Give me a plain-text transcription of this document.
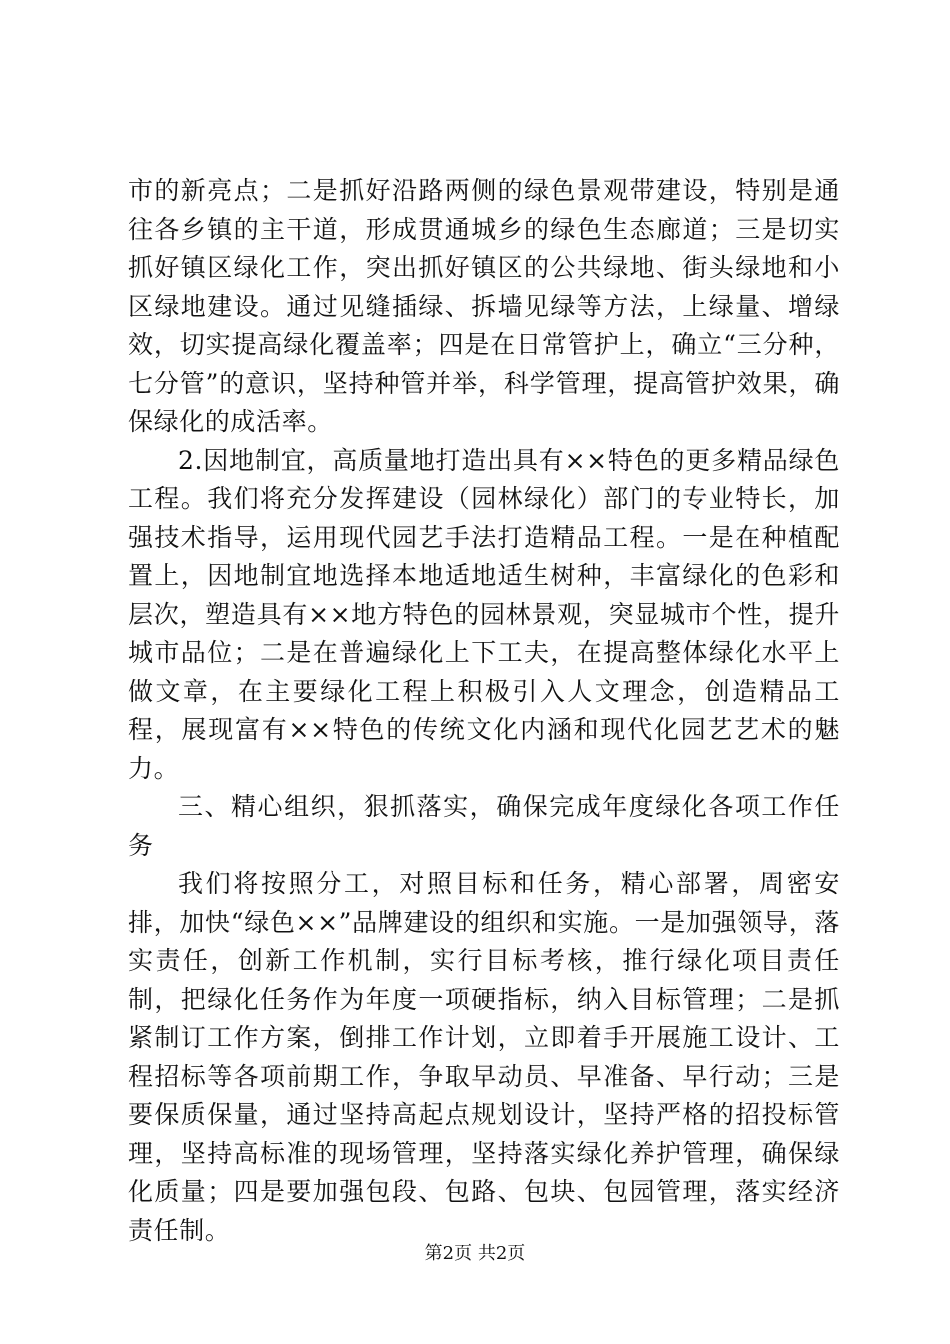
市的新亮点；二是抓好沿路两侧的绿色景观带建设，特别是通往各乡镇的主干道，形成贯通城乡的绿色生态廊道；三是切实抓好镇区绿化工作，突出抓好镇区的公共绿地、街头绿地和小区绿地建设。通过见缝插绿、拆墙见绿等方法，上绿量、增绿效，切实提高绿化覆盖率；四是在日常管护上，确立“三分种，七分管”的意识，坚持种管并举，科学管理，提高管护效果，确保绿化的成活率。

2.因地制宜，高质量地打造出具有××特色的更多精品绿色工程。我们将充分发挥建设（园林绿化）部门的专业特长，加强技术指导，运用现代园艺手法打造精品工程。一是在种植配置上，因地制宜地选择本地适地适生树种，丰富绿化的色彩和层次，塑造具有××地方特色的园林景观，突显城市个性，提升城市品位；二是在普遍绿化上下工夫，在提高整体绿化水平上做文章，在主要绿化工程上积极引入人文理念，创造精品工程，展现富有××特色的传统文化内涵和现代化园艺艺术的魅力。

三、精心组织，狠抓落实，确保完成年度绿化各项工作任务

我们将按照分工，对照目标和任务，精心部署，周密安排，加快“绿色××”品牌建设的组织和实施。一是加强领导，落实责任，创新工作机制，实行目标考核，推行绿化项目责任制，把绿化任务作为年度一项硬指标，纳入目标管理；二是抓紧制订工作方案，倒排工作计划，立即着手开展施工设计、工程招标等各项前期工作，争取早动员、早准备、早行动；三是要保质保量，通过坚持高起点规划设计，坚持严格的招投标管理，坚持高标准的现场管理，坚持落实绿化养护管理，确保绿化质量；四是要加强包段、包路、包块、包园管理，落实经济责任制。

第2页 共2页
